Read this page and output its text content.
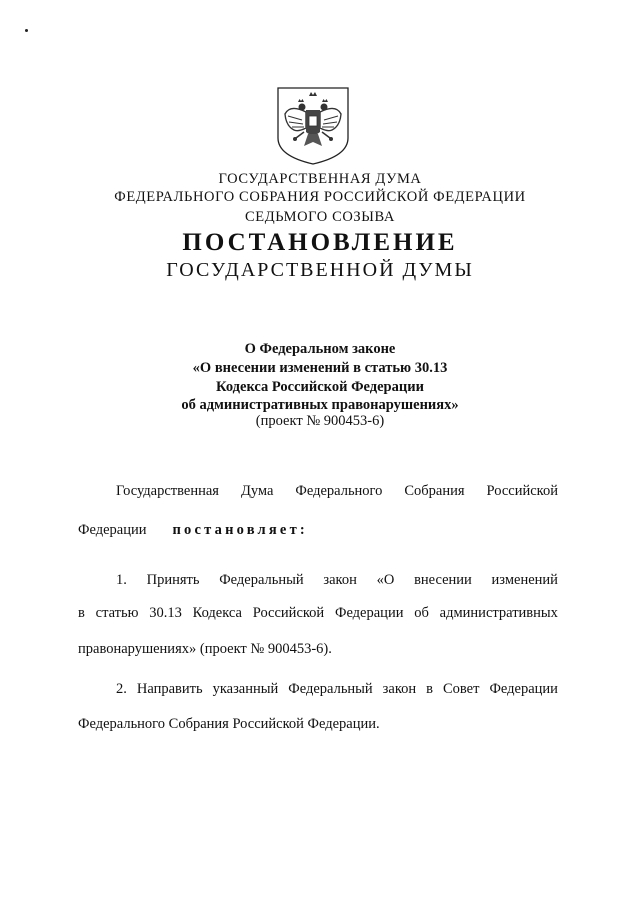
ГОСУДАРСТВЕННАЯ ДУМА
ФЕДЕРАЛЬНОГО СОБРАНИЯ РОССИЙСКОЙ ФЕДЕРАЦИИ
СЕДЬМОГО СОЗЫВА
ПОСТАНОВЛЕНИЕ
ГОСУДАРСТВЕННОЙ ДУМЫ
О Федеральном законе
«О внесении изменений в статью 30.13
Кодекса Российской Федерации
об административных правонарушениях»
(проект № 900453-6)
Государственная Дума Федерального Собрания Российской
Федерации постановляет:
1. Принять Федеральный закон «О внесении изменений
в статью 30.13 Кодекса Российской Федерации об административных
правонарушениях» (проект № 900453-6).
2. Направить указанный Федеральный закон в Совет Федерации
Федерального Собрания Российской Федерации.
